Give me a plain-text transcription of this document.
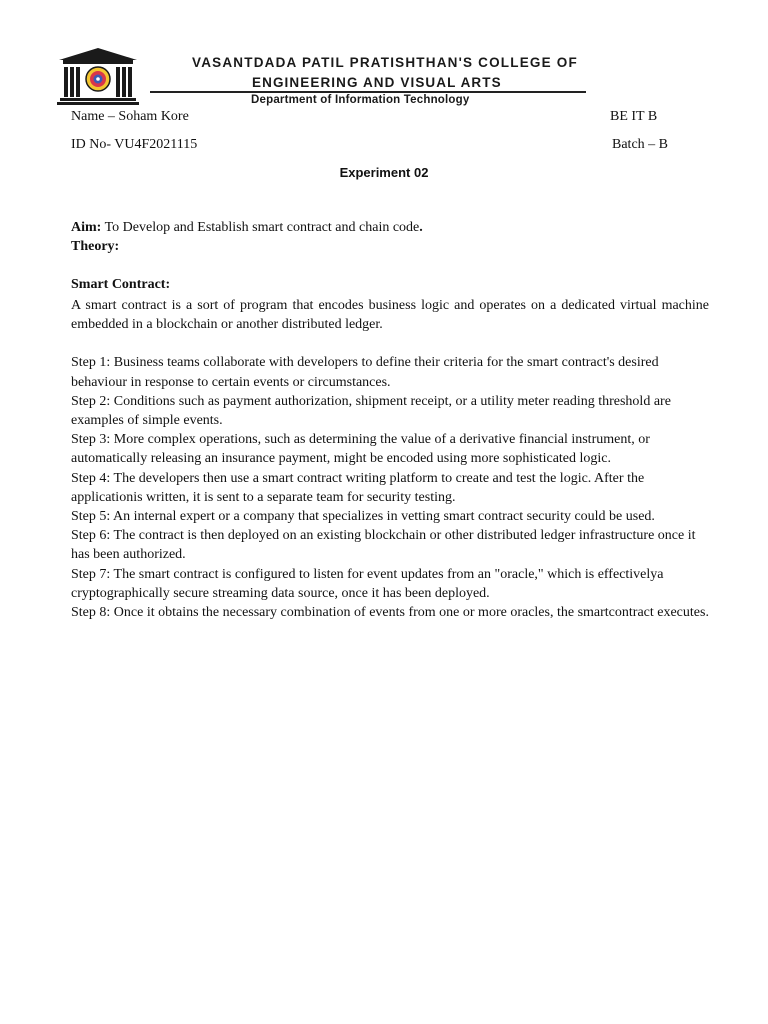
VASANTDADA PATIL PRATISHTHAN'S COLLEGE OF
ENGINEERING AND VISUAL ARTS
Department of Information Technology
Name – Soham Kore	BE IT B
ID No- VU4F2021115	Batch – B
Experiment 02
Aim: To Develop and Establish smart contract and chain code.
Theory:
Smart Contract:

A smart contract is a sort of program that encodes business logic and operates on a dedicated virtual machine embedded in a blockchain or another distributed ledger.

Step 1: Business teams collaborate with developers to define their criteria for the smart contract's desired behaviour in response to certain events or circumstances.

Step 2: Conditions such as payment authorization, shipment receipt, or a utility meter reading threshold are examples of simple events.

Step 3: More complex operations, such as determining the value of a derivative financial instrument, or automatically releasing an insurance payment, might be encoded using more sophisticated logic.

Step 4: The developers then use a smart contract writing platform to create and test the logic. After the applicationis written, it is sent to a separate team for security testing.

Step 5: An internal expert or a company that specializes in vetting smart contract security could be used.

Step 6: The contract is then deployed on an existing blockchain or other distributed ledger infrastructure once it has been authorized.

Step 7: The smart contract is configured to listen for event updates from an "oracle," which is effectivelya cryptographically secure streaming data source, once it has been deployed.

Step 8: Once it obtains the necessary combination of events from one or more oracles, the smartcontract executes.
